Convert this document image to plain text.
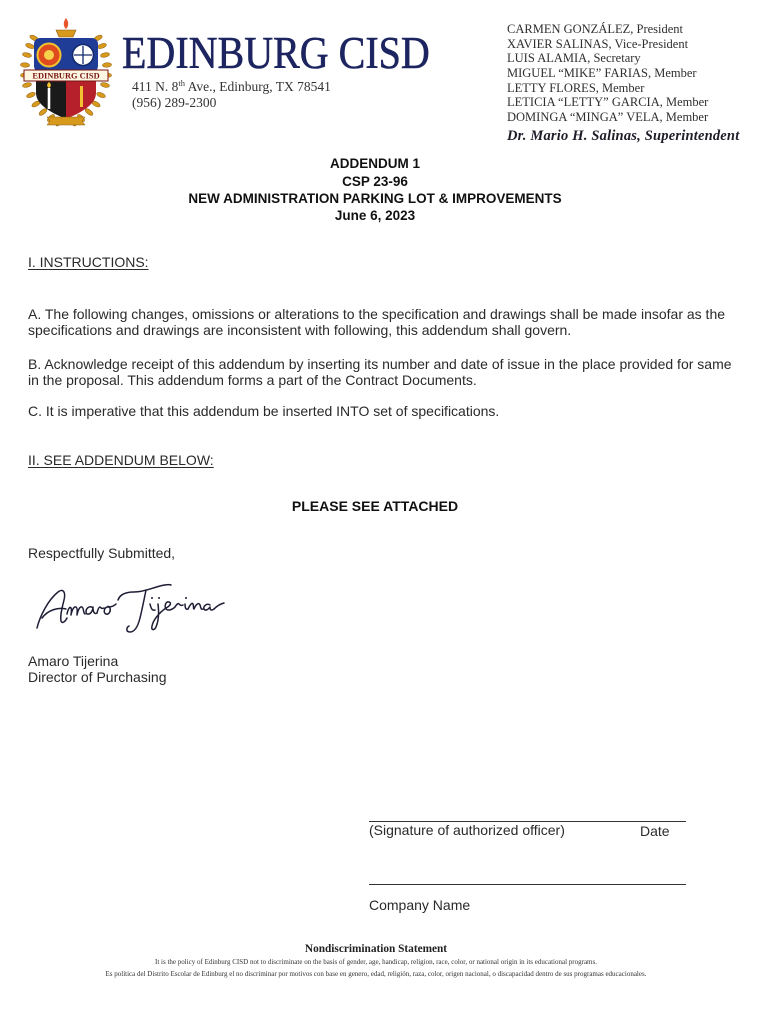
EDINBURG CISD EDINBURG CISD
411 N. 8th Ave., Edinburg, TX 78541
(956) 289-2300
CARMEN GONZÁLEZ, President
XAVIER SALINAS, Vice-President
LUIS ALAMIA, Secretary
MIGUEL “MIKE” FARIAS, Member
LETTY FLORES, Member
LETICIA “LETTY” GARCIA, Member
DOMINGA “MINGA” VELA, Member
Dr. Mario H. Salinas, Superintendent
ADDENDUM 1
CSP 23-96
NEW ADMINISTRATION PARKING LOT & IMPROVEMENTS
June 6, 2023
I. INSTRUCTIONS:
A. The following changes, omissions or alterations to the specification and drawings shall be made insofar as the
specifications and drawings are inconsistent with following, this addendum shall govern.
B. Acknowledge receipt of this addendum by inserting its number and date of issue in the place provided for same
in the proposal. This addendum forms a part of the Contract Documents.
C. It is imperative that this addendum be inserted INTO set of specifications.
II. SEE ADDENDUM BELOW:
PLEASE SEE ATTACHED
Respectfully Submitted,
Amaro Tijerina
Director of Purchasing
(Signature of authorized officer)	Date
Company Name
Nondiscrimination Statement
It is the policy of Edinburg CISD not to discriminate on the basis of gender, age, handicap, religion, race, color, or national origin in its educational programs.
Es política del Distrito Escolar de Edinburg el no discriminar por motivos con base en genero, edad, religión, raza, color, origen nacional, o discapacidad dentro de sus programas educacionales.
